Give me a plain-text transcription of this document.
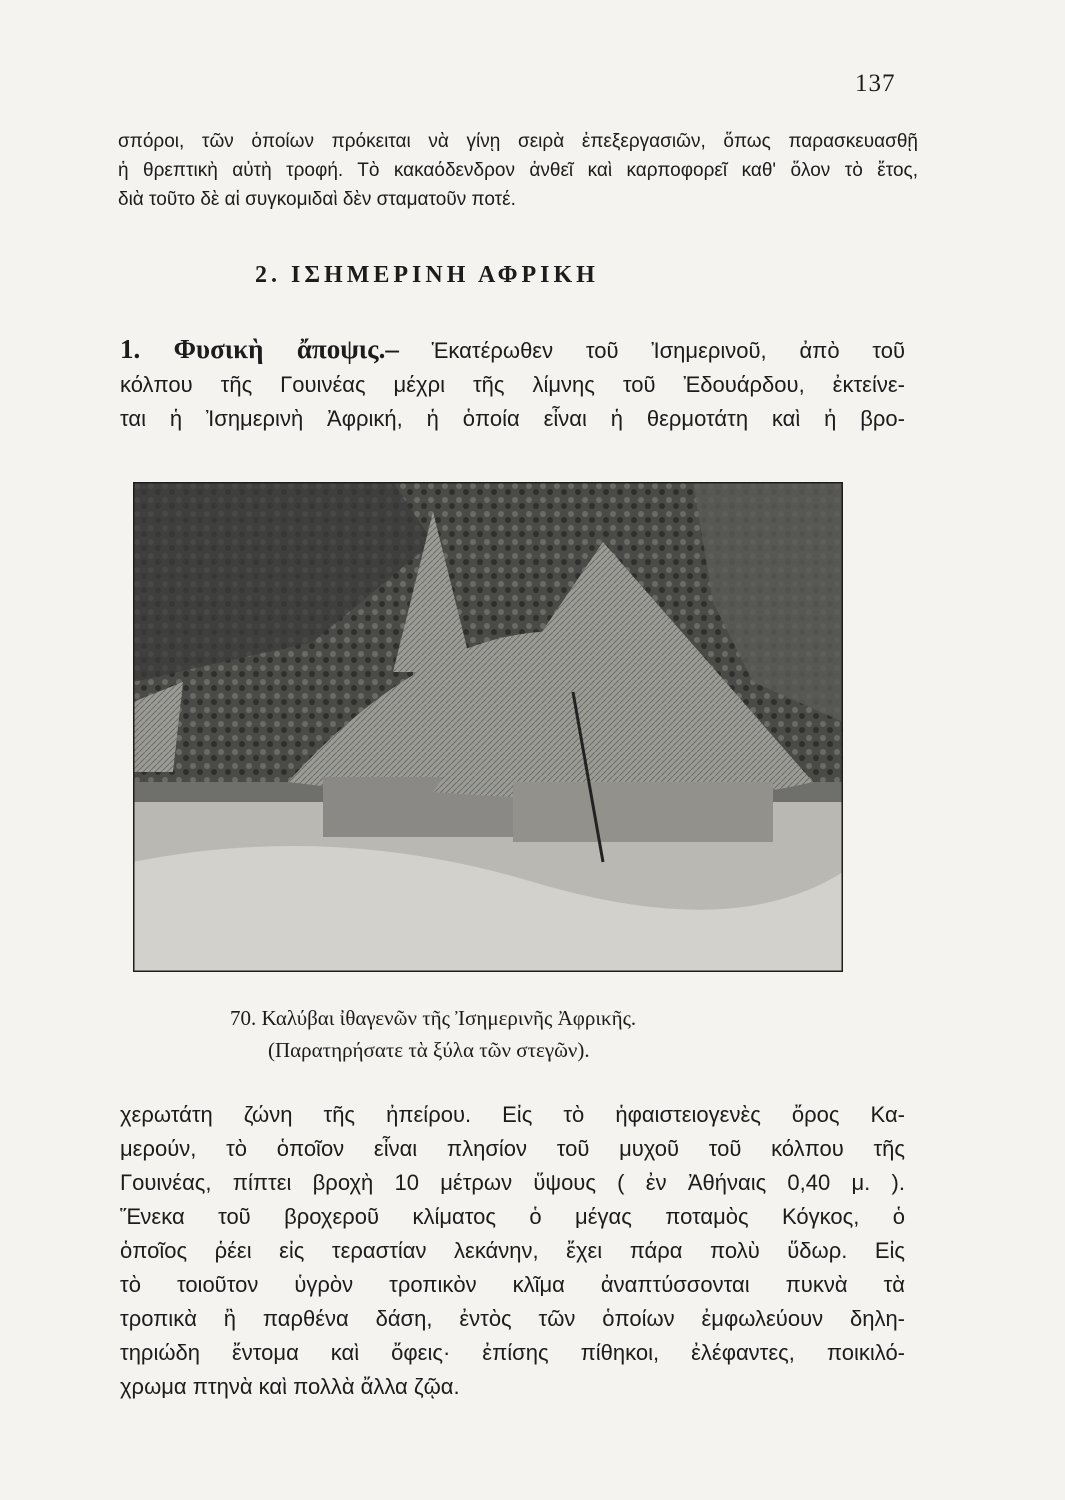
137
σπόροι, τῶν ὁποίων πρόκειται νὰ γίνῃ σειρὰ ἐπεξεργασιῶν, ὅπως παρασκευασθῇ
ἡ θρεπτικὴ αὐτὴ τροφή. Τὸ κακαόδενδρον ἀνθεῖ καὶ καρποφορεῖ καθ' ὅλον τὸ ἔτος,
διὰ τοῦτο δὲ αἱ συγκομιδαὶ δὲν σταματοῦν ποτέ.
2. ΙΣΗΜΕΡΙΝΗ ΑΦΡΙΚΗ
1. Φυσικὴ ἄποψις.– Ἑκατέρωθεν τοῦ Ἰσημερινοῦ, ἀπὸ τοῦ
κόλπου τῆς Γουινέας μέχρι τῆς λίμνης τοῦ Ἐδουάρδου, ἐκτείνε-
ται ἡ Ἰσημερινὴ Ἀφρική, ἡ ὁποία εἶναι ἡ θερμοτάτη καὶ ἡ βρο-
70. Καλύβαι ἰθαγενῶν τῆς Ἰσημερινῆς Ἀφρικῆς.
(Παρατηρήσατε τὰ ξύλα τῶν στεγῶν).
χερωτάτη ζώνη τῆς ἠπείρου. Εἰς τὸ ἡφαιστειογενὲς ὄρος Κα-
μερούν, τὸ ὁποῖον εἶναι πλησίον τοῦ μυχοῦ τοῦ κόλπου τῆς
Γουινέας, πίπτει βροχὴ 10 μέτρων ὕψους ( ἐν Ἀθήναις 0,40 μ. ).
Ἕνεκα τοῦ βροχεροῦ κλίματος ὁ μέγας ποταμὸς Κόγκος, ὁ
ὁποῖος ῥέει εἰς τεραστίαν λεκάνην, ἔχει πάρα πολὺ ὕδωρ. Εἰς
τὸ τοιοῦτον ὑγρὸν τροπικὸν κλῖμα ἀναπτύσσονται πυκνὰ τὰ
τροπικὰ ἢ παρθένα δάση, ἐντὸς τῶν ὁποίων ἐμφωλεύουν δηλη-
τηριώδη ἔντομα καὶ ὄφεις· ἐπίσης πίθηκοι, ἐλέφαντες, ποικιλό-
χρωμα πτηνὰ καὶ πολλὰ ἄλλα ζῷα.
